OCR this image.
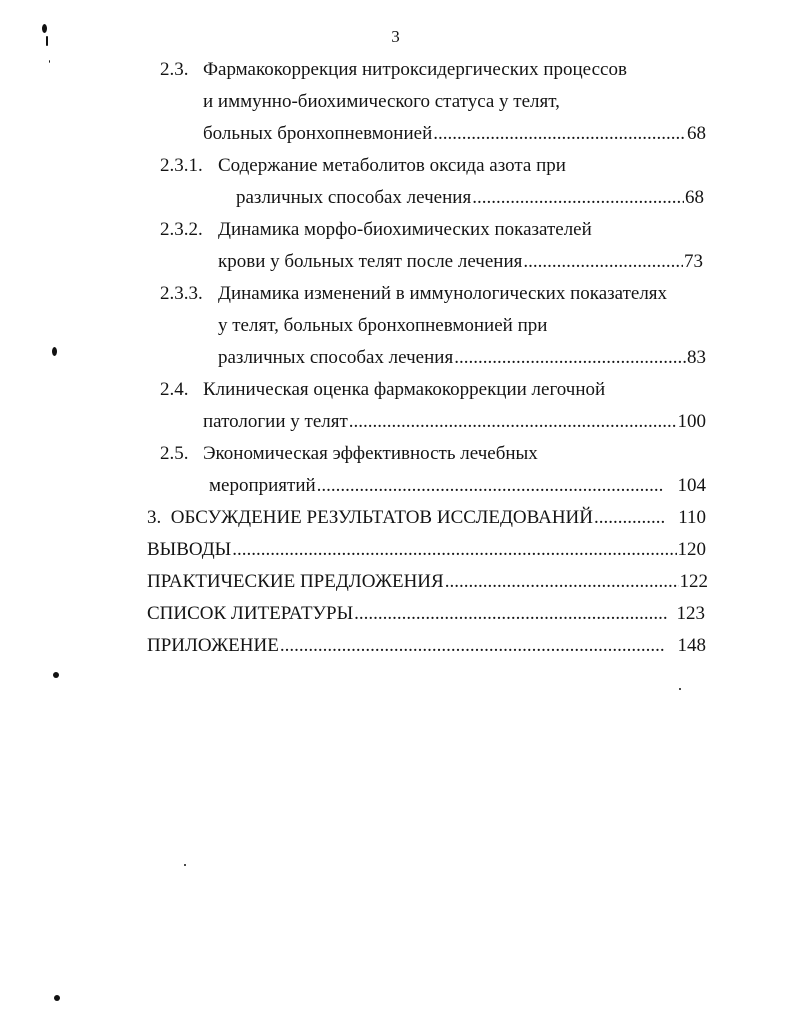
3
2.3. Фармакокоррекция нитроксидергических процессов
и иммунно-биохимического статуса у телят,
больных бронхопневмонией .....	68
2.3.1. Содержание метаболитов оксида азота при
различных способах лечения .....	68
2.3.2. Динамика морфо-биохимических показателей
крови у больных телят после лечения .....	73
2.3.3. Динамика изменений в иммунологических показателях
у телят, больных бронхопневмонией при
различных способах лечения .....	83
2.4. Клиническая оценка фармакокоррекции легочной
патологии у телят .....	100
2.5. Экономическая эффективность лечебных
мероприятий .....	104
3.  ОБСУЖДЕНИЕ РЕЗУЛЬТАТОВ ИССЛЕДОВАНИЙ .....	110
ВЫВОДЫ .....	120
ПРАКТИЧЕСКИЕ ПРЕДЛОЖЕНИЯ .....	122
СПИСОК ЛИТЕРАТУРЫ .....	123
ПРИЛОЖЕНИЕ .....	148
